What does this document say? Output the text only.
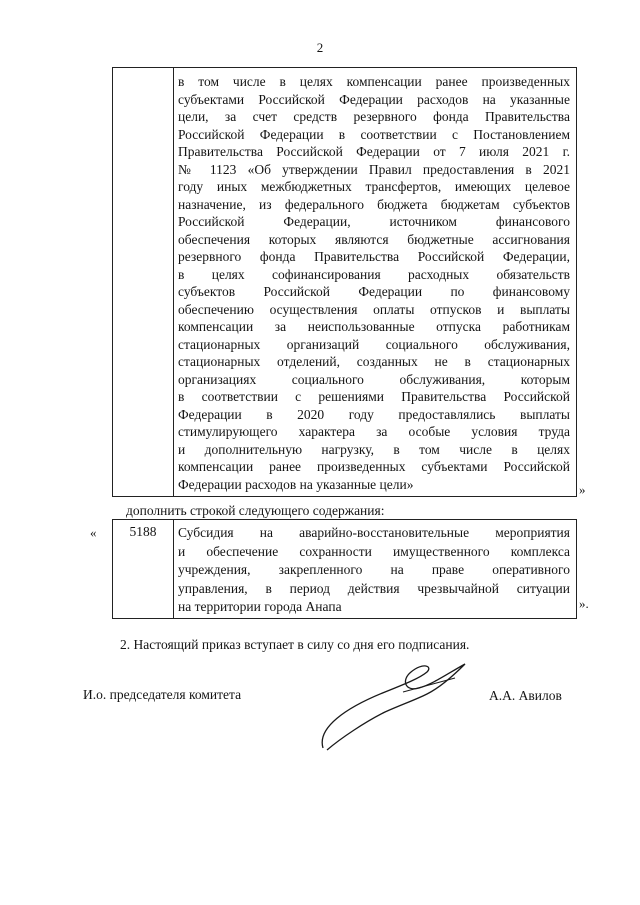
2
в том числе в целях компенсации ранее произведенных
субъектами Российской Федерации расходов на указанные
цели, за счет средств резервного фонда Правительства
Российской Федерации в соответствии с Постановлением
Правительства Российской Федерации от 7 июля 2021 г.
№ 1123 «Об утверждении Правил предоставления в 2021
году иных межбюджетных трансфертов, имеющих целевое
назначение, из федерального бюджета бюджетам субъектов
Российской Федерации, источником финансового
обеспечения которых являются бюджетные ассигнования
резервного фонда Правительства Российской Федерации,
в целях софинансирования расходных обязательств
субъектов Российской Федерации по финансовому
обеспечению осуществления оплаты отпусков и выплаты
компенсации за неиспользованные отпуска работникам
стационарных организаций социального обслуживания,
стационарных отделений, созданных не в стационарных
организациях социального обслуживания, которым
в соответствии с решениями Правительства Российской
Федерации в 2020 году предоставлялись выплаты
стимулирующего характера за особые условия труда
и дополнительную нагрузку, в том числе в целях
компенсации ранее произведенных субъектами Российской
Федерации расходов на указанные цели»	»
дополнить строкой следующего содержания:
«	5188	Субсидия на аварийно-восстановительные мероприятия
и обеспечение сохранности имущественного комплекса
учреждения, закрепленного на праве оперативного
управления, в период действия чрезвычайной ситуации
на территории города Анапа	».
2. Настоящий приказ вступает в силу со дня его подписания.
И.о. председателя комитета	А.А. Авилов
